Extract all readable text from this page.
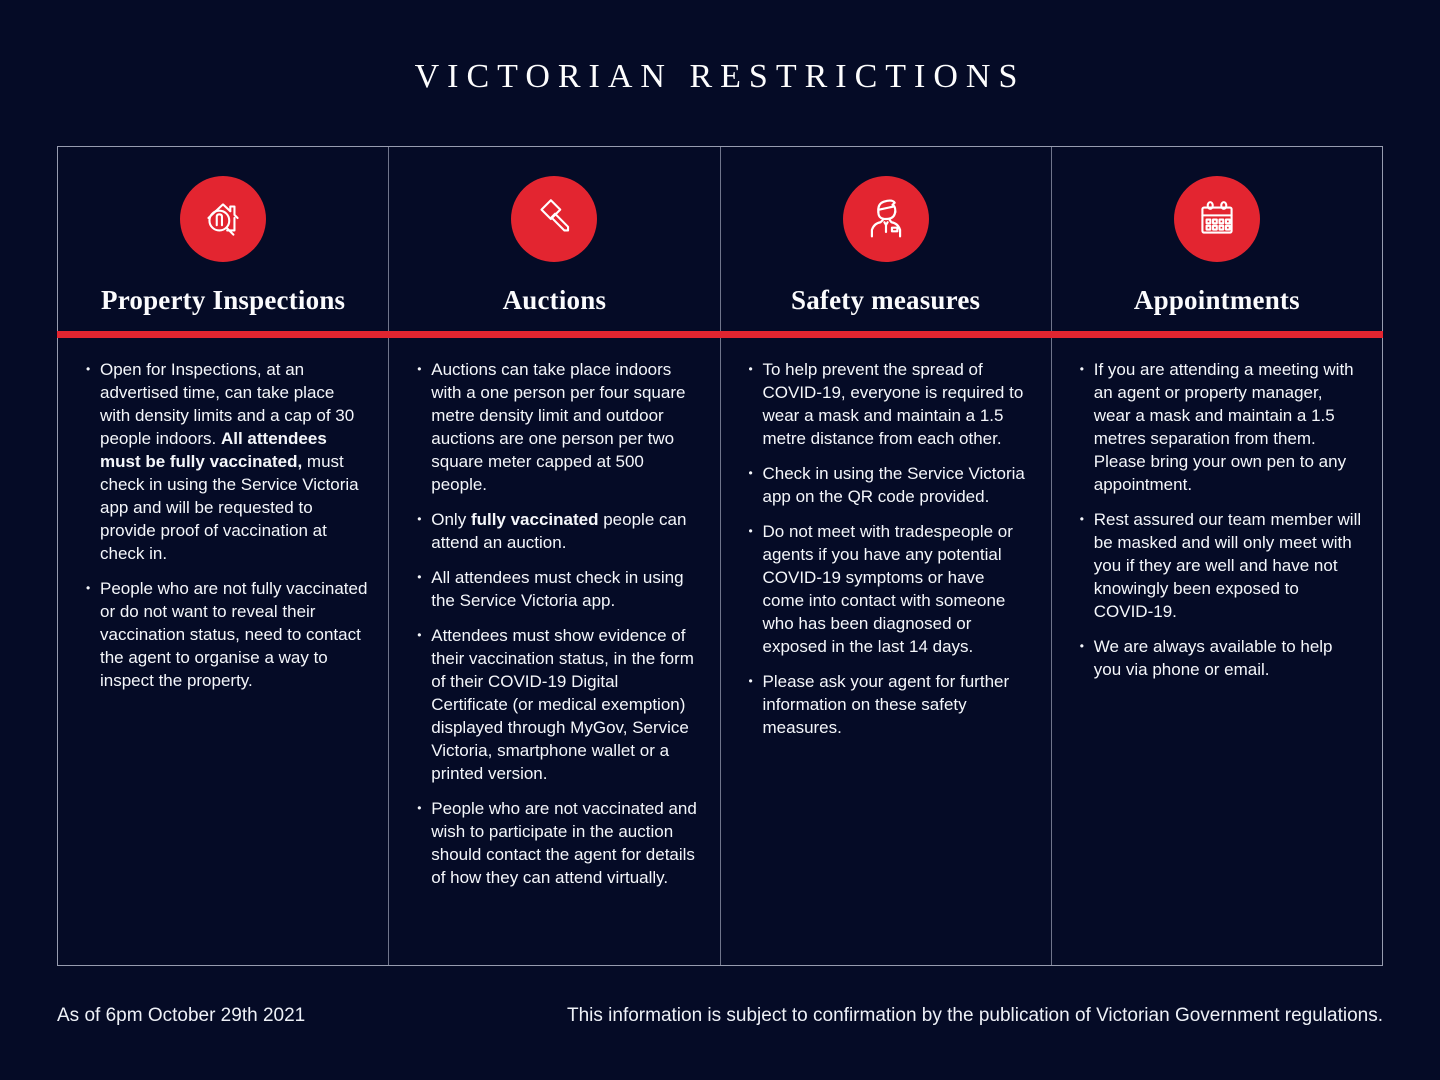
VICTORIAN RESTRICTIONS
Property Inspections
• Open for Inspections, at an advertised time, can take place with density limits and a cap of 30 people indoors. All attendees must be fully vaccinated, must check in using the Service Victoria app and will be requested to provide proof of vaccination at check in.
• People who are not fully vaccinated or do not want to reveal their vaccination status, need to contact the agent to organise a way to inspect the property.
Auctions
• Auctions can take place indoors with a one person per four square metre density limit and outdoor auctions are one person per two square meter capped at 500 people.
• Only fully vaccinated people can attend an auction.
• All attendees must check in using the Service Victoria app.
• Attendees must show evidence of their vaccination status, in the form of their COVID-19 Digital Certificate (or medical exemption) displayed through MyGov, Service Victoria, smartphone wallet or a printed version.
• People who are not vaccinated and wish to participate in the auction should contact the agent for details of how they can attend virtually.
Safety measures
• To help prevent the spread of COVID-19, everyone is required to wear a mask and maintain a 1.5 metre distance from each other.
• Check in using the Service Victoria app on the QR code provided.
• Do not meet with tradespeople or agents if you have any potential COVID-19 symptoms or have come into contact with someone who has been diagnosed or exposed in the last 14 days.
• Please ask your agent for further information on these safety measures.
Appointments
• If you are attending a meeting with an agent or property manager, wear a mask and maintain a 1.5 metres separation from them. Please bring your own pen to any appointment.
• Rest assured our team member will be masked and will only meet with you if they are well and have not knowingly been exposed to COVID-19.
• We are always available to help you via phone or email.
As of 6pm October 29th 2021	This information is subject to confirmation by the publication of Victorian Government regulations.
